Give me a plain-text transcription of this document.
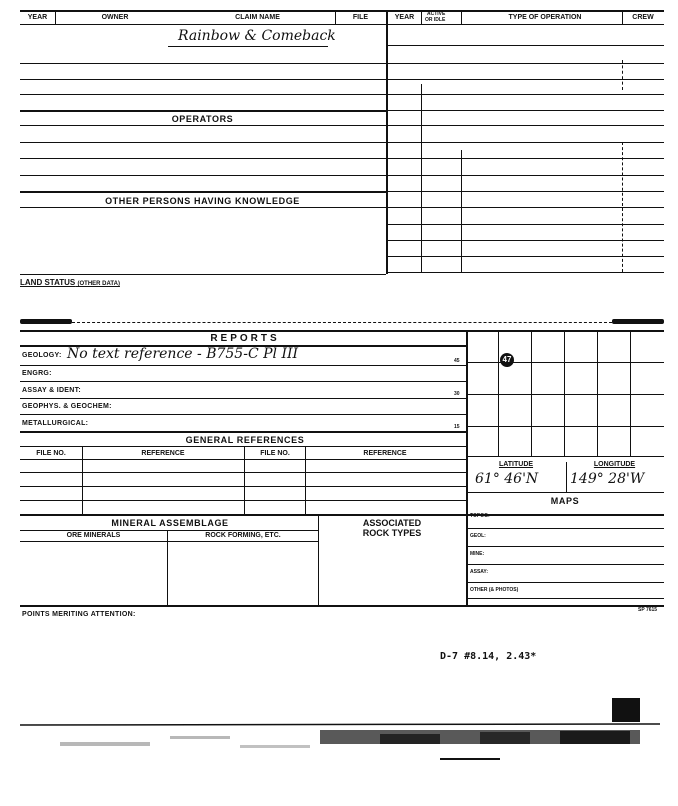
YEAR	OWNER	CLAIM NAME	FILE	YEAR	ACTIVE
OR IDLE	TYPE OF OPERATION	CREW
Rainbow & Comeback
OPERATORS
OTHER PERSONS HAVING KNOWLEDGE
LAND STATUS (OTHER DATA)
REPORTS
GEOLOGY: No text reference - B755-C Pl III	45
ENGRG:
ASSAY & IDENT:	30
GEOPHYS. & GEOCHEM:
METALLURGICAL:	15
GENERAL REFERENCES
FILE NO.	REFERENCE	FILE NO.	REFERENCE
47
LATITUDE	LONGITUDE
61° 46'N 149° 28'W
MAPS
TOPOG:
GEOL:
MINE:
ASSAY:
OTHER (& PHOTOS)
MINERAL ASSEMBLAGE
ORE MINERALS	ROCK FORMING, ETC.
ASSOCIATED
ROCK TYPES
POINTS MERITING ATTENTION:
SP 7615
D-7 #8.14, 2.43*
